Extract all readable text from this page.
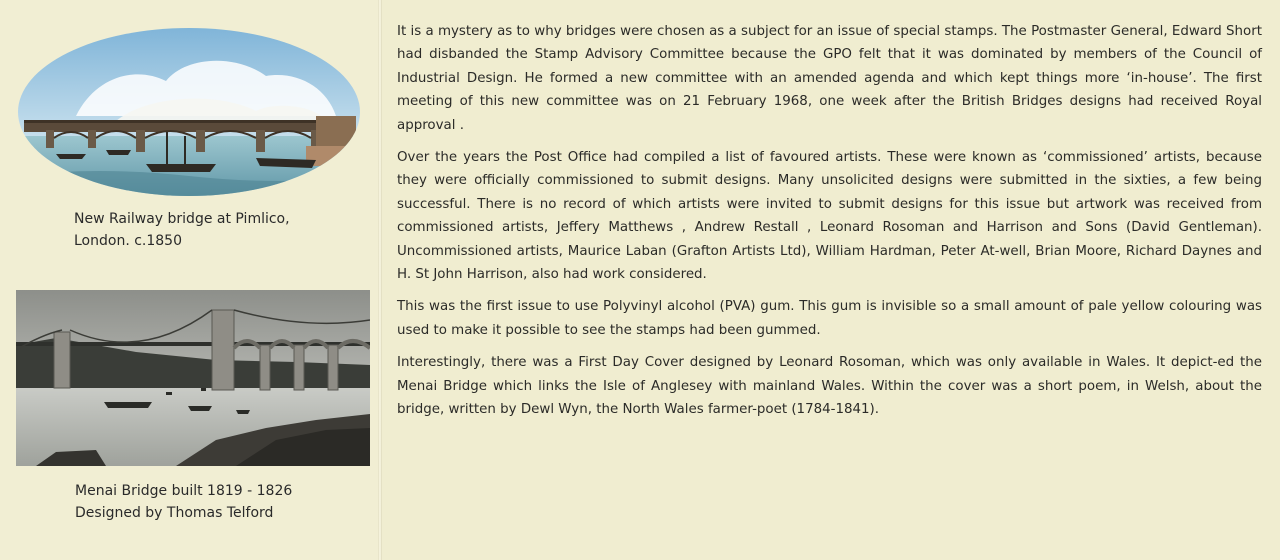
New Railway bridge at Pimlico,
London. c.1850
Menai Bridge built 1819 - 1826
Designed by Thomas Telford

It is a mystery as to why bridges were chosen as a subject for an issue of special stamps. The Postmaster General, Edward Short had disbanded the Stamp Advisory Committee because the GPO felt that it was dominated by members of the Council of Industrial Design. He formed a new committee with an amended agenda and which kept things more ‘in-house’. The first meeting of this new committee was on 21 February 1968, one week after the British Bridges designs had received Royal approval .

Over the years the Post Office had compiled a list of favoured artists. These were known as ‘commissioned’ artists, because they were officially commissioned to submit designs. Many unsolicited designs were submitted in the sixties, a few being successful. There is no record of which artists were invited to submit designs for this issue but artwork was received from commissioned artists, Jeffery Matthews , Andrew Restall , Leonard Rosoman and Harrison and Sons (David Gentleman). Uncommissioned artists, Maurice Laban (Grafton Artists Ltd), William Hardman, Peter At-well, Brian Moore, Richard Daynes and H. St John Harrison, also had work considered.

This was the first issue to use Polyvinyl alcohol (PVA) gum. This gum is invisible so a small amount of pale yellow colouring was used to make it possible to see the stamps had been gummed.

Interestingly, there was a First Day Cover designed by Leonard Rosoman, which was only available in Wales. It depict-ed the Menai Bridge which links the Isle of Anglesey with mainland Wales. Within the cover was a short poem, in Welsh, about the bridge, written by Dewl Wyn, the North Wales farmer-poet (1784-1841).
